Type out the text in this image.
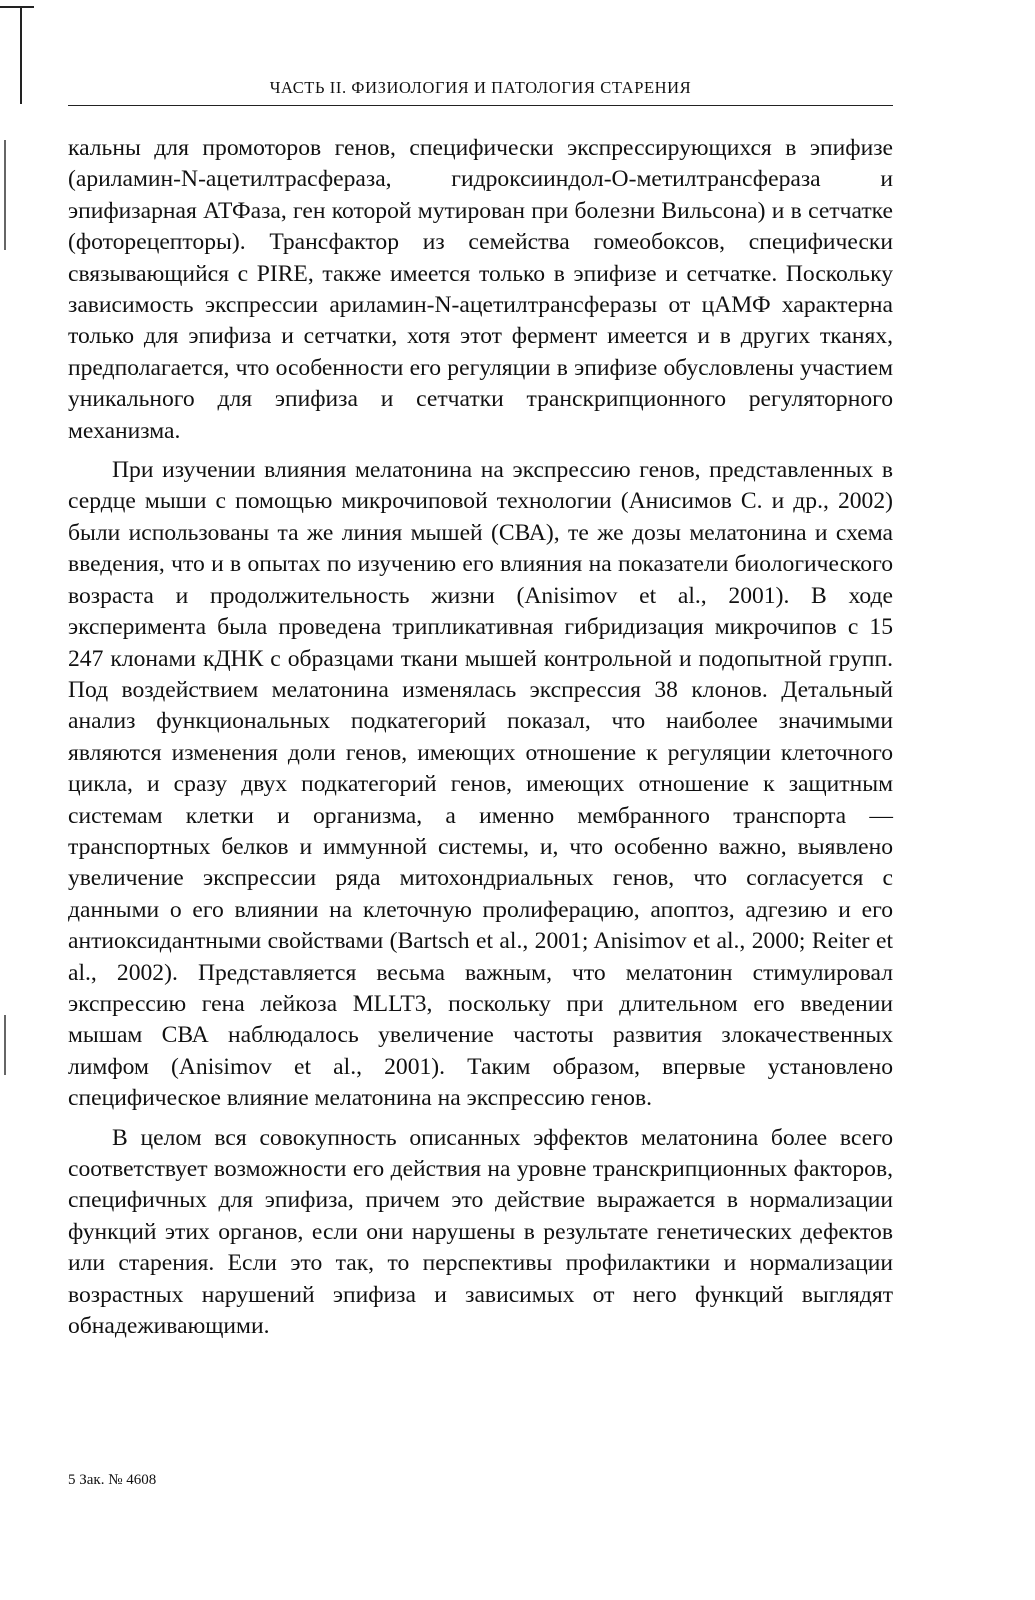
ЧАСТЬ II. ФИЗИОЛОГИЯ И ПАТОЛОГИЯ СТАРЕНИЯ

кальны для промоторов генов, специфически экспрессирующихся в эпифизе (ариламин-N-ацетилтрасфераза, гидроксииндол-О-метилтрансфераза и эпифизарная АТФаза, ген которой мутирован при болезни Вильсона) и в сетчатке (фоторецепторы). Трансфактор из семейства гомеобоксов, специфически связывающийся с PIRE, также имеется только в эпифизе и сетчатке. Поскольку зависимость экспрессии ариламин-N-ацетилтрансферазы от цАМФ характерна только для эпифиза и сетчатки, хотя этот фермент имеется и в других тканях, предполагается, что особенности его регуляции в эпифизе обусловлены участием уникального для эпифиза и сетчатки транскрипционного регуляторного механизма.

При изучении влияния мелатонина на экспрессию генов, представленных в сердце мыши с помощью микрочиповой технологии (Анисимов С. и др., 2002) были использованы та же линия мышей (СВА), те же дозы мелатонина и схема введения, что и в опытах по изучению его влияния на показатели биологического возраста и продолжительность жизни (Anisimov et al., 2001). В ходе эксперимента была проведена трипликативная гибридизация микрочипов с 15 247 клонами кДНК с образцами ткани мышей контрольной и подопытной групп. Под воздействием мелатонина изменялась экспрессия 38 клонов. Детальный анализ функциональных подкатегорий показал, что наиболее значимыми являются изменения доли генов, имеющих отношение к регуляции клеточного цикла, и сразу двух подкатегорий генов, имеющих отношение к защитным системам клетки и организма, а именно мембранного транспорта — транспортных белков и иммунной системы, и, что особенно важно, выявлено увеличение экспрессии ряда митохондриальных генов, что согласуется с данными о его влиянии на клеточную пролиферацию, апоптоз, адгезию и его антиоксидантными свойствами (Bartsch et al., 2001; Anisimov et al., 2000; Reiter et al., 2002). Представляется весьма важным, что мелатонин стимулировал экспрессию гена лейкоза MLLT3, поскольку при длительном его введении мышам СВА наблюдалось увеличение частоты развития злокачественных лимфом (Anisimov et al., 2001). Таким образом, впервые установлено специфическое влияние мелатонина на экспрессию генов.

В целом вся совокупность описанных эффектов мелатонина более всего соответствует возможности его действия на уровне транскрипционных факторов, специфичных для эпифиза, причем это действие выражается в нормализации функций этих органов, если они нарушены в результате генетических дефектов или старения. Если это так, то перспективы профилактики и нормализации возрастных нарушений эпифиза и зависимых от него функций выглядят обнадеживающими.

5 Зак. № 4608
